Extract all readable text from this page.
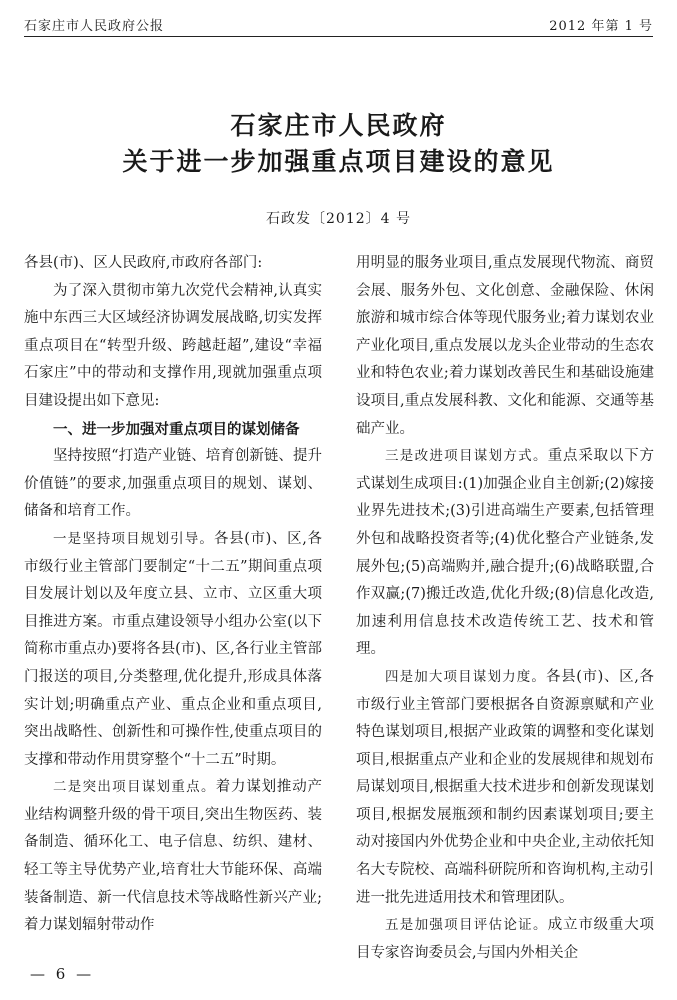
石家庄市人民政府公报	2012 年第 1 号

石家庄市人民政府

关于进一步加强重点项目建设的意见

石政发〔2012〕4 号

各县(市)、区人民政府,市政府各部门:

为了深入贯彻市第九次党代会精神,认真实施中东西三大区域经济协调发展战略,切实发挥重点项目在“转型升级、跨越赶超”,建设“幸福石家庄”中的带动和支撑作用,现就加强重点项目建设提出如下意见:

一、进一步加强对重点项目的谋划储备

坚持按照“打造产业链、培育创新链、提升价值链”的要求,加强重点项目的规划、谋划、储备和培育工作。

一是坚持项目规划引导。各县(市)、区,各市级行业主管部门要制定“十二五”期间重点项目发展计划以及年度立县、立市、立区重大项目推进方案。市重点建设领导小组办公室(以下简称市重点办)要将各县(市)、区,各行业主管部门报送的项目,分类整理,优化提升,形成具体落实计划;明确重点产业、重点企业和重点项目,突出战略性、创新性和可操作性,使重点项目的支撑和带动作用贯穿整个“十二五”时期。

二是突出项目谋划重点。着力谋划推动产业结构调整升级的骨干项目,突出生物医药、装备制造、循环化工、电子信息、纺织、建材、轻工等主导优势产业,培育壮大节能环保、高端装备制造、新一代信息技术等战略性新兴产业;着力谋划辐射带动作

用明显的服务业项目,重点发展现代物流、商贸会展、服务外包、文化创意、金融保险、休闲旅游和城市综合体等现代服务业;着力谋划农业产业化项目,重点发展以龙头企业带动的生态农业和特色农业;着力谋划改善民生和基础设施建设项目,重点发展科教、文化和能源、交通等基础产业。

三是改进项目谋划方式。重点采取以下方式谋划生成项目:(1)加强企业自主创新;(2)嫁接业界先进技术;(3)引进高端生产要素,包括管理外包和战略投资者等;(4)优化整合产业链条,发展外包;(5)高端购并,融合提升;(6)战略联盟,合作双赢;(7)搬迁改造,优化升级;(8)信息化改造,加速利用信息技术改造传统工艺、技术和管理。

四是加大项目谋划力度。各县(市)、区,各市级行业主管部门要根据各自资源禀赋和产业特色谋划项目,根据产业政策的调整和变化谋划项目,根据重点产业和企业的发展规律和规划布局谋划项目,根据重大技术进步和创新发现谋划项目,根据发展瓶颈和制约因素谋划项目;要主动对接国内外优势企业和中央企业,主动依托知名大专院校、高端科研院所和咨询机构,主动引进一批先进适用技术和管理团队。

五是加强项目评估论证。成立市级重大项目专家咨询委员会,与国内外相关企

— 6 —
